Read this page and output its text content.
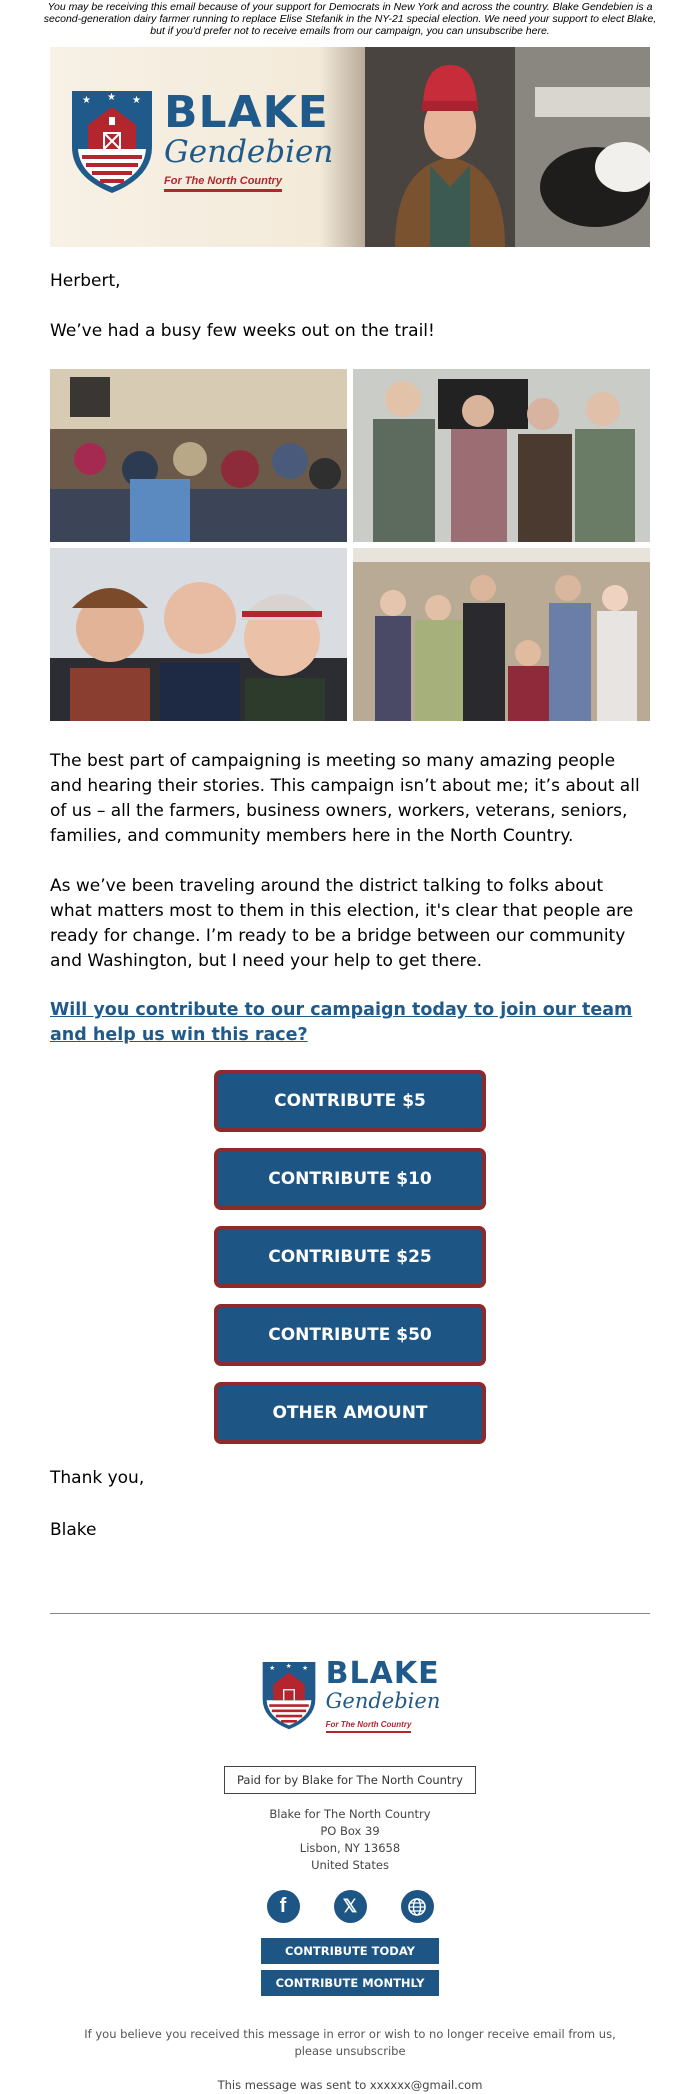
You may be receiving this email because of your support for Democrats in New York and across the country. Blake Gendebien is a second-generation dairy farmer running to replace Elise Stefanik in the NY-21 special election. We need your support to elect Blake, but if you'd prefer not to receive emails from our campaign, you can unsubscribe here.
★ ★ ★ BLAKE
Gendebien
For The North Country

Herbert,

We’ve had a busy few weeks out on the trail!

The best part of campaigning is meeting so many amazing people and hearing their stories. This campaign isn’t about me; it’s about all of us – all the farmers, business owners, workers, veterans, seniors, families, and community members here in the North Country.

As we’ve been traveling around the district talking to folks about what matters most to them in this election, it's clear that people are ready for change. I’m ready to be a bridge between our community and Washington, but I need your help to get there.

Will you contribute to our campaign today to join our team and help us win this race?
CONTRIBUTE $5
CONTRIBUTE $10
CONTRIBUTE $25
CONTRIBUTE $50
OTHER AMOUNT

Thank you,

Blake

★ ★ ★ BLAKE
Gendebien
For The North Country
Paid for by Blake for The North Country
Blake for The North Country
PO Box 39
Lisbon, NY 13658
United States
f	𝕏
CONTRIBUTE TODAY
CONTRIBUTE MONTHLY
If you believe you received this message in error or wish to no longer receive email from us, please unsubscribe
This message was sent to xxxxxx@gmail.com
